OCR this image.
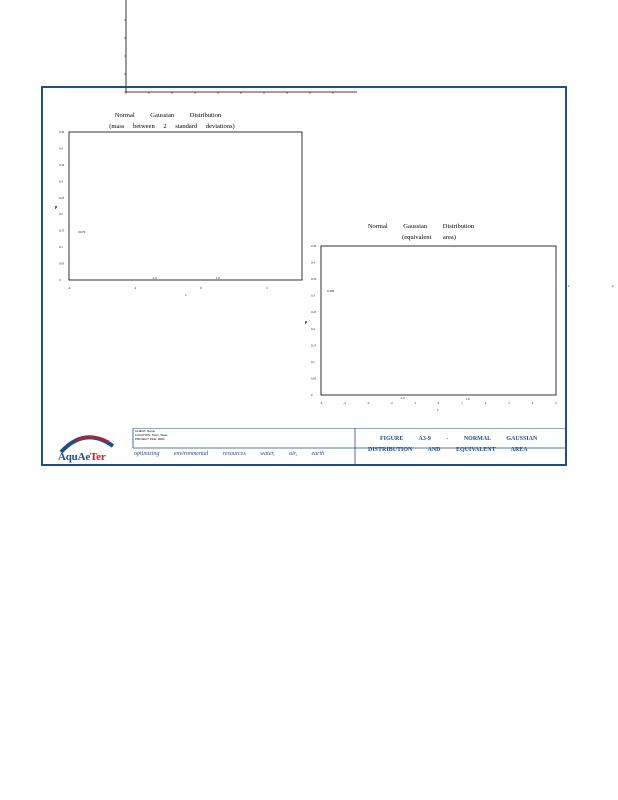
Normal Gaussian Distribution
(mass between 2 standard deviations)
p
x
0.076
-1.0	1.0
0.45
0.4
0.35
0.3
0.25
0.2
0.15
0.1
0.05
0
-4	-2	0	2
Normal Gaussian Distribution
(equivalent area)
p
x
0.300
-1.0	1.0
0.45
0.4
0.35
0.3
0.25
0.2
0.15
0.1
0.05
0
-5	-4	-3	-2	-1	0	1	2	3	4	5
1	2
AquAeTer
CLIENT: Name
LOCATION: Town, State
PROJECT FILE: 0000
optimizing environmental resources water, air, earth
FIGURE A3-9 - NORMAL GAUSSIAN
DISTRIBUTION AND EQUIVALENT AREA
